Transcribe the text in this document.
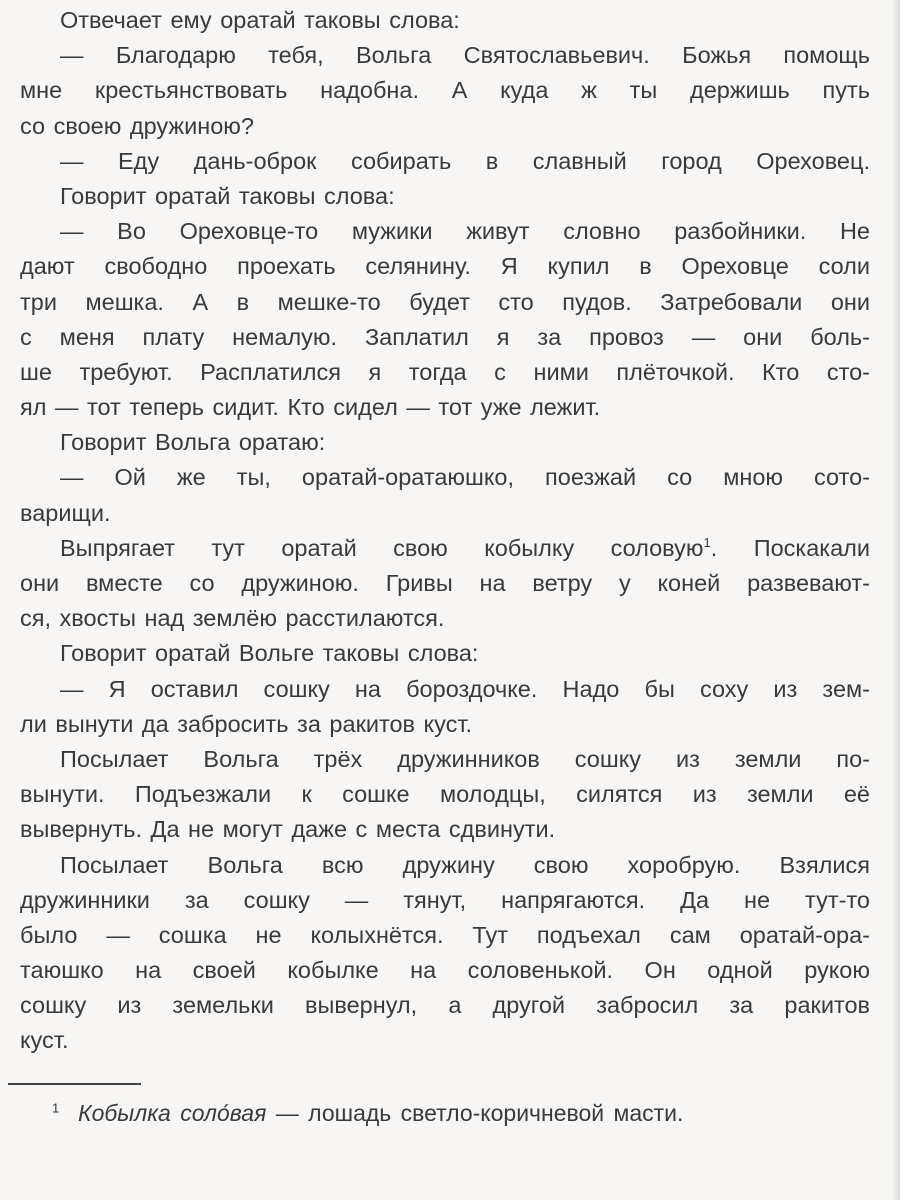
Отвечает ему оратай таковы слова:
— Благодарю тебя, Вольга Святославьевич. Божья помощь
мне крестьянствовать надобна. А куда ж ты держишь путь
со своею дружиною?
— Еду дань-оброк собирать в славный город Ореховец.
Говорит оратай таковы слова:
— Во Ореховце-то мужики живут словно разбойники. Не
дают свободно проехать селянину. Я купил в Ореховце соли
три мешка. А в мешке-то будет сто пудов. Затребовали они
с меня плату немалую. Заплатил я за провоз — они боль-
ше требуют. Расплатился я тогда с ними плёточкой. Кто сто-
ял — тот теперь сидит. Кто сидел — тот уже лежит.
Говорит Вольга оратаю:
— Ой же ты, оратай-оратаюшко, поезжай со мною сото-
варищи.
Выпрягает тут оратай свою кобылку соловую$^1$. Поскакали
они вместе со дружиною. Гривы на ветру у коней развевают-
ся, хвосты над землёю расстилаются.
Говорит оратай Вольге таковы слова:
— Я оставил сошку на бороздочке. Надо бы соху из зем-
ли вынути да забросить за ракитов куст.
Посылает Вольга трёх дружинников сошку из земли по-
вынути. Подъезжали к сошке молодцы, силятся из земли её
вывернуть. Да не могут даже с места сдвинути.
Посылает Вольга всю дружину свою хоробрую. Взялися
дружинники за сошку — тянут, напрягаются. Да не тут-то
было — сошка не колыхнётся. Тут подъехал сам оратай-ора-
таюшко на своей кобылке на соловенькой. Он одной рукою
сошку из земельки вывернул, а другой забросил за ракитов
куст.
$^1$ Кобылка соло́вая — лошадь светло-коричневой масти.
